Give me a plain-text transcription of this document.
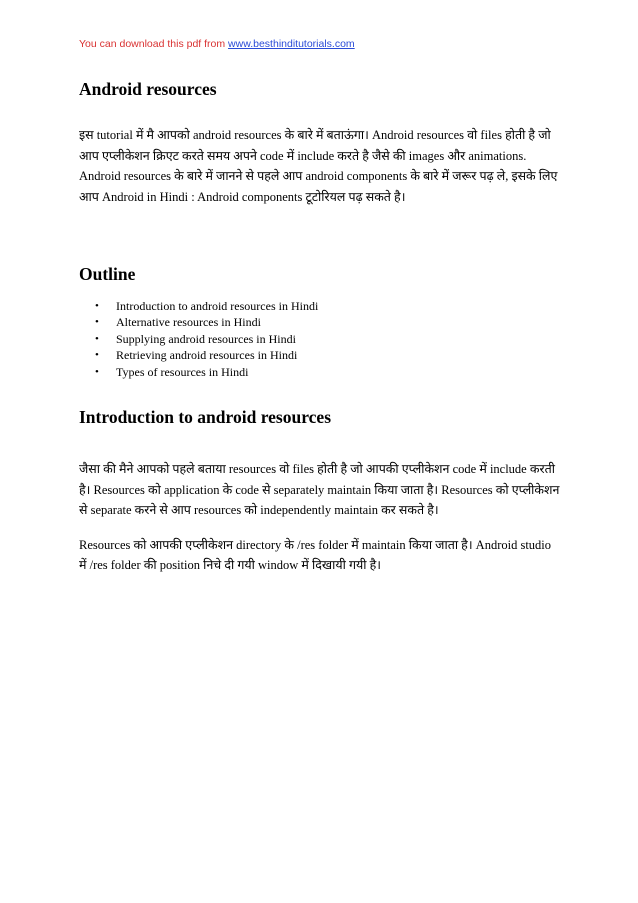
You can download this pdf from www.besthinditutorials.com
Android resources

इस tutorial में मै आपको android resources के बारे में बताऊंगा। Android resources वो files होती है जो आप एप्लीकेशन क्रिएट करते समय अपने code में include करते है जैसे की images और animations. Android resources के बारे में जानने से पहले आप android components के बारे में जरूर पढ़ ले, इसके लिए आप Android in Hindi : Android components टूटोरियल पढ़ सकते है।

Outline
• Introduction to android resources in Hindi
• Alternative resources in Hindi
• Supplying android resources in Hindi
• Retrieving android resources in Hindi
• Types of resources in Hindi
Introduction to android resources

जैसा की मैने आपको पहले बताया resources वो files होती है जो आपकी एप्लीकेशन code में include करती है। Resources को application के code से separately maintain किया जाता है। Resources को एप्लीकेशन से separate करने से आप resources को independently maintain कर सकते है।

Resources को आपकी एप्लीकेशन directory के /res folder में maintain किया जाता है। Android studio में /res folder की position निचे दी गयी window में दिखायी गयी है।
